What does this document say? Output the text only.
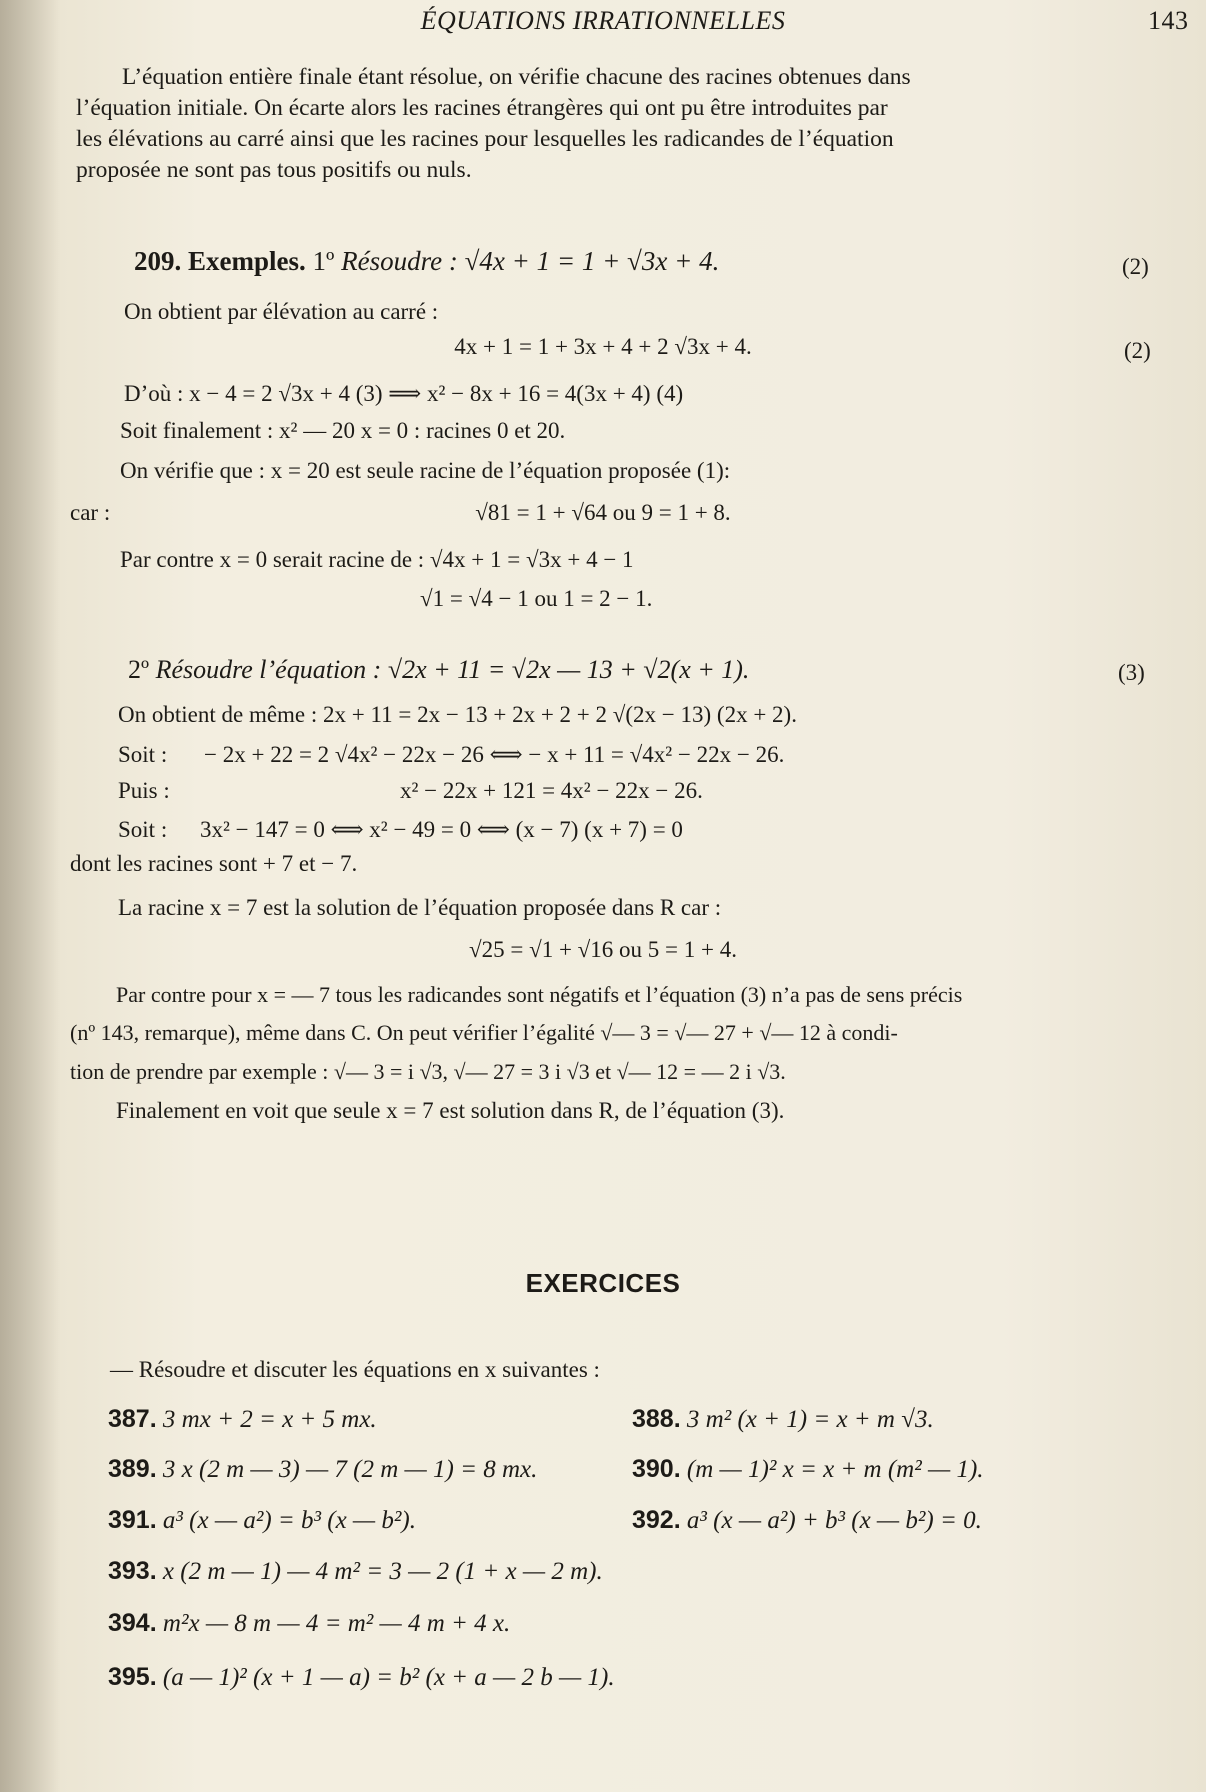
ÉQUATIONS IRRATIONNELLES	143
L’équation entière finale étant résolue, on vérifie chacune des racines obtenues dans
l’équation initiale. On écarte alors les racines étrangères qui ont pu être introduites par
les élévations au carré ainsi que les racines pour lesquelles les radicandes de l’équation
proposée ne sont pas tous positifs ou nuls.
209. Exemples. 1º Résoudre : √4x + 1 = 1 + √3x + 4.	(2)
On obtient par élévation au carré :
4x + 1 = 1 + 3x + 4 + 2 √3x + 4.	(2)
D’où : x − 4 = 2 √3x + 4 (3) ⟹ x² − 8x + 16 = 4(3x + 4) (4)
Soit finalement : x² — 20 x = 0 : racines 0 et 20.
On vérifie que : x = 20 est seule racine de l’équation proposée (1):
car :	√81 = 1 + √64 ou 9 = 1 + 8.
Par contre x = 0 serait racine de : √4x + 1 = √3x + 4 − 1
√1 = √4 − 1 ou 1 = 2 − 1.
2º Résoudre l’équation : √2x + 11 = √2x — 13 + √2(x + 1).	(3)
On obtient de même : 2x + 11 = 2x − 13 + 2x + 2 + 2 √(2x − 13) (2x + 2).
Soit : − 2x + 22 = 2 √4x² − 22x − 26 ⟺ − x + 11 = √4x² − 22x − 26.
Puis :	x² − 22x + 121 = 4x² − 22x − 26.
Soit : 3x² − 147 = 0 ⟺ x² − 49 = 0 ⟺ (x − 7) (x + 7) = 0
dont les racines sont + 7 et − 7.
La racine x = 7 est la solution de l’équation proposée dans R car :
√25 = √1 + √16 ou 5 = 1 + 4.
Par contre pour x = — 7 tous les radicandes sont négatifs et l’équation (3) n’a pas de sens précis
(nº 143, remarque), même dans C. On peut vérifier l’égalité √— 3 = √— 27 + √— 12 à condi-
tion de prendre par exemple : √— 3 = i √3, √— 27 = 3 i √3 et √— 12 = — 2 i √3.
Finalement en voit que seule x = 7 est solution dans R, de l’équation (3).
EXERCICES
— Résoudre et discuter les équations en x suivantes :
387. 3 mx + 2 = x + 5 mx.	388. 3 m² (x + 1) = x + m √3.
389. 3 x (2 m — 3) — 7 (2 m — 1) = 8 mx.	390. (m — 1)² x = x + m (m² — 1).
391. a³ (x — a²) = b³ (x — b²).	392. a³ (x — a²) + b³ (x — b²) = 0.
393. x (2 m — 1) — 4 m² = 3 — 2 (1 + x — 2 m).
394. m²x — 8 m — 4 = m² — 4 m + 4 x.
395. (a — 1)² (x + 1 — a) = b² (x + a — 2 b — 1).
